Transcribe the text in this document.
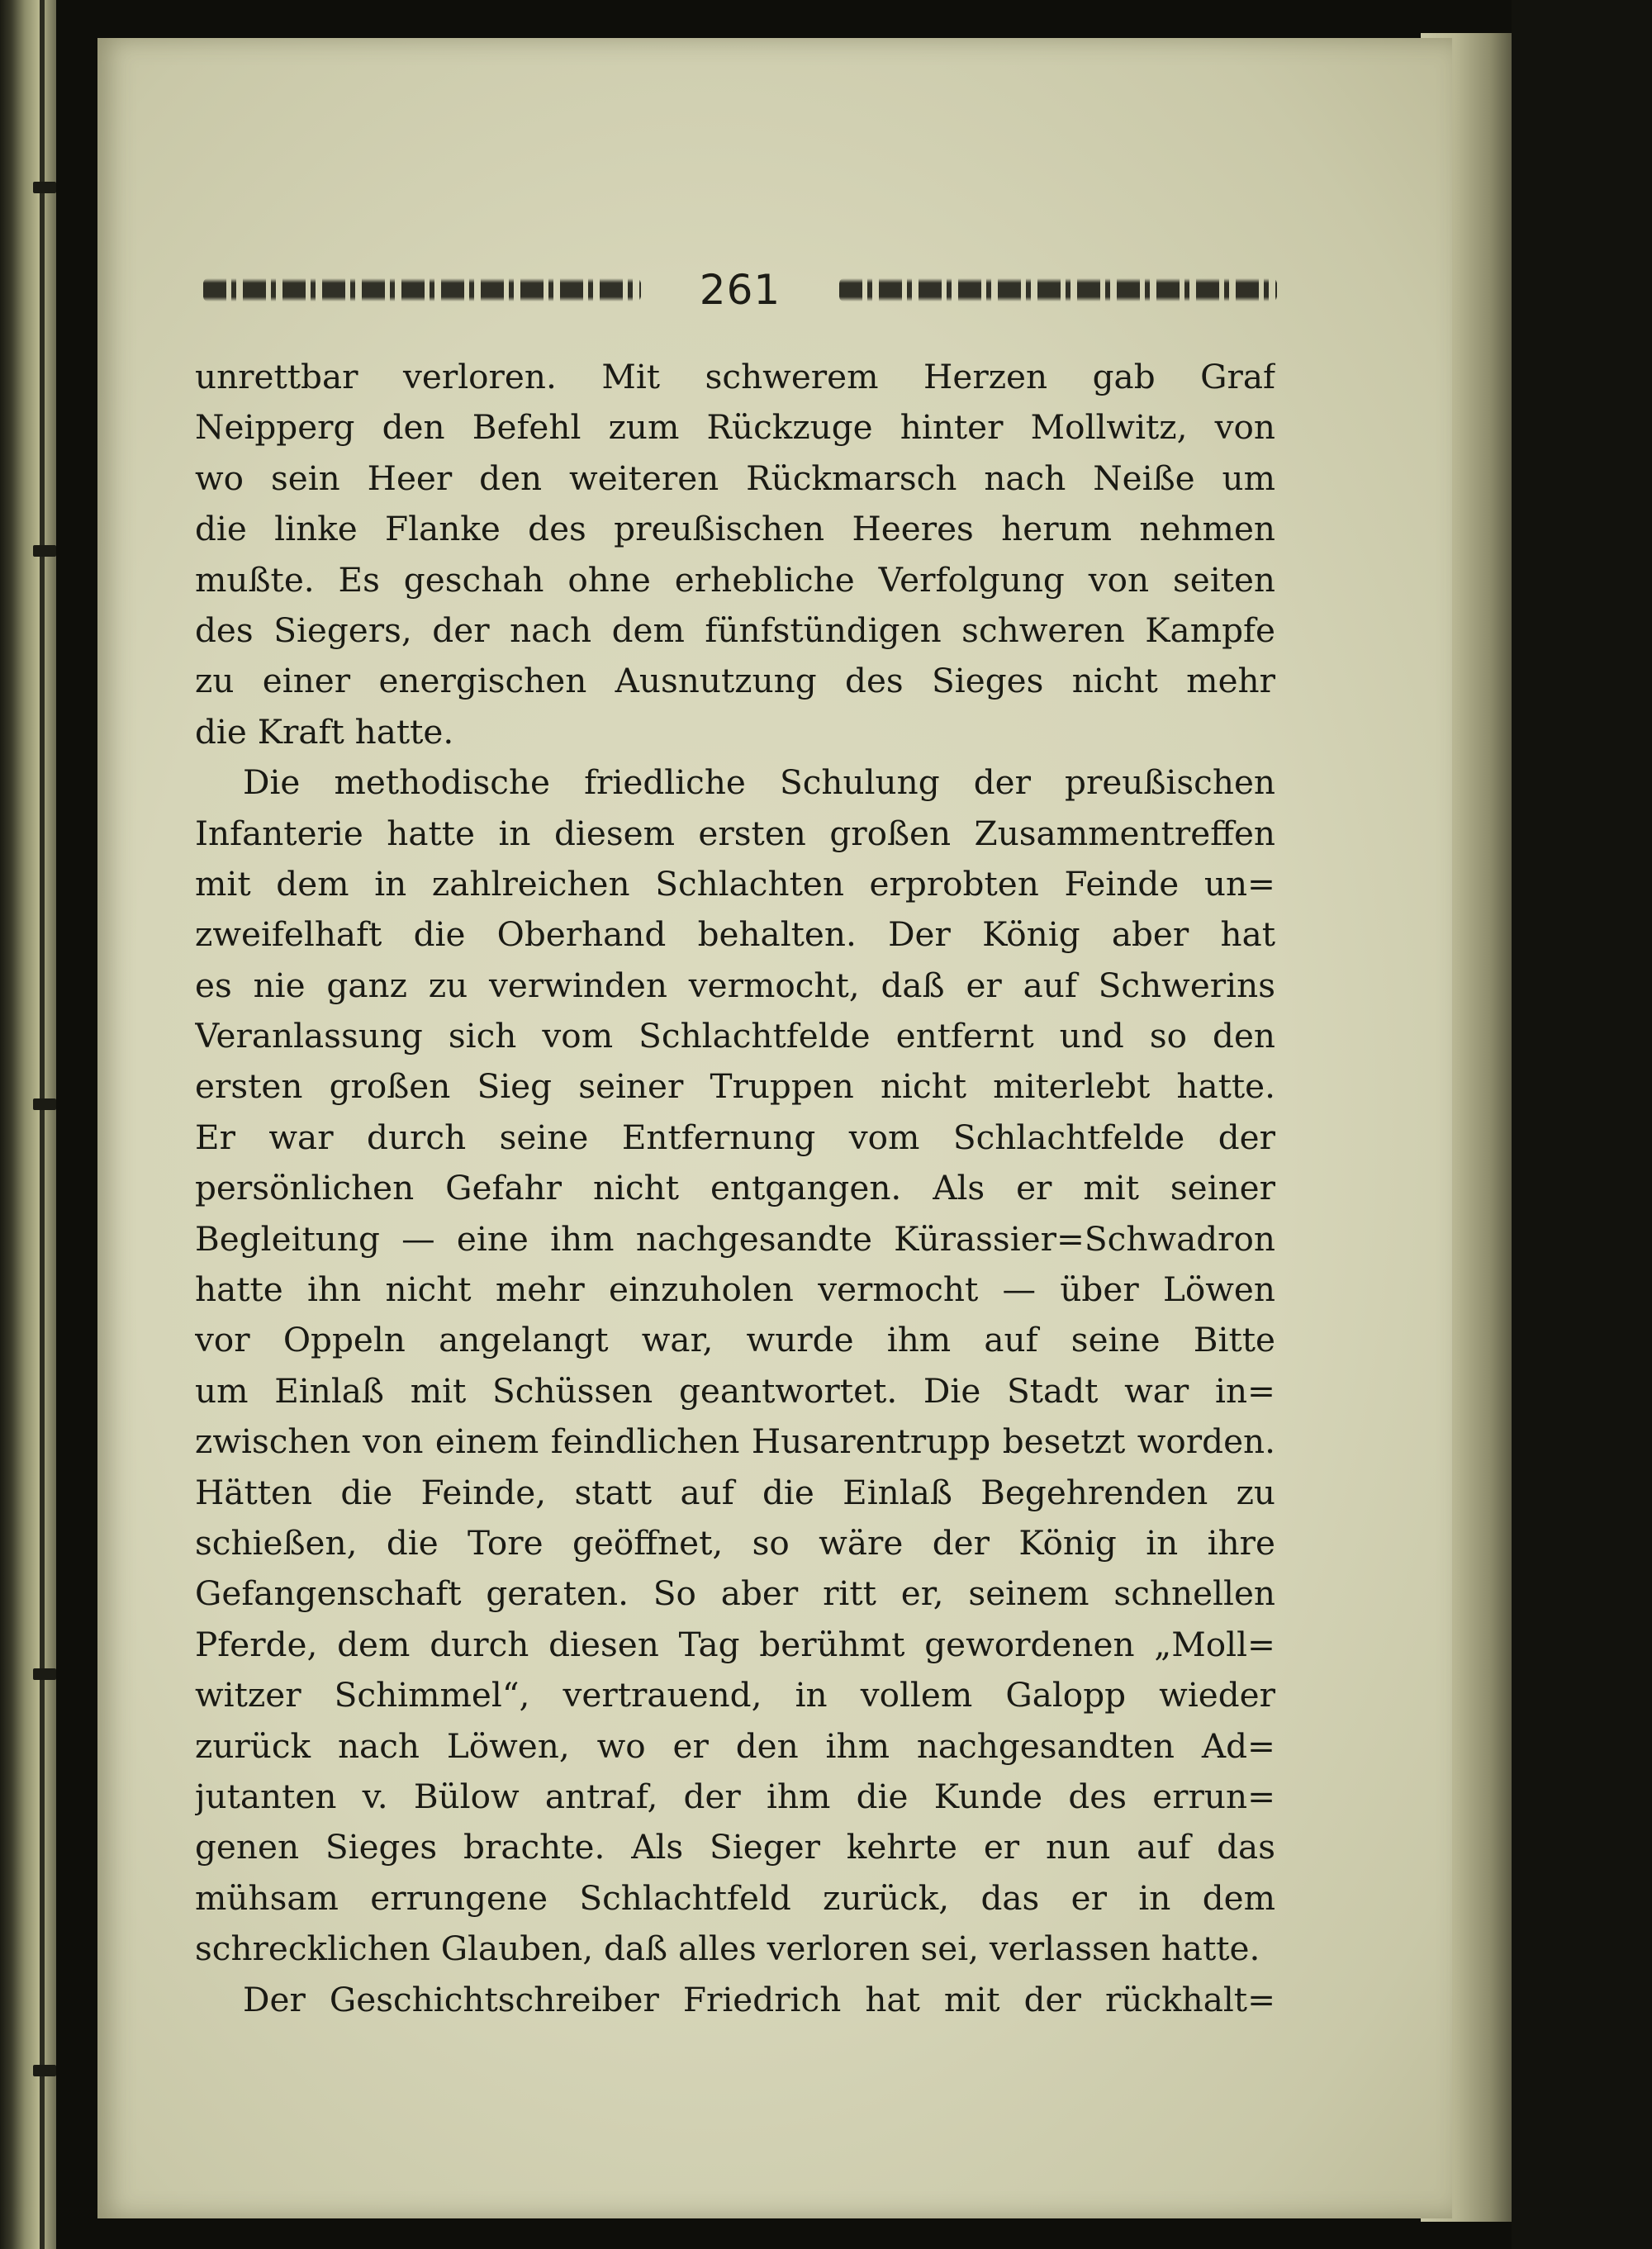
261
unrettbar verloren. Mit schwerem Herzen gab Graf
Neipperg den Befehl zum Rückzuge hinter Mollwitz, von
wo sein Heer den weiteren Rückmarsch nach Neiße um
die linke Flanke des preußischen Heeres herum nehmen
mußte. Es geschah ohne erhebliche Verfolgung von seiten
des Siegers, der nach dem fünfstündigen schweren Kampfe
zu einer energischen Ausnutzung des Sieges nicht mehr
die Kraft hatte.
Die methodische friedliche Schulung der preußischen
Infanterie hatte in diesem ersten großen Zusammentreffen
mit dem in zahlreichen Schlachten erprobten Feinde un=
zweifelhaft die Oberhand behalten. Der König aber hat
es nie ganz zu verwinden vermocht, daß er auf Schwerins
Veranlassung sich vom Schlachtfelde entfernt und so den
ersten großen Sieg seiner Truppen nicht miterlebt hatte.
Er war durch seine Entfernung vom Schlachtfelde der
persönlichen Gefahr nicht entgangen. Als er mit seiner
Begleitung — eine ihm nachgesandte Kürassier=Schwadron
hatte ihn nicht mehr einzuholen vermocht — über Löwen
vor Oppeln angelangt war, wurde ihm auf seine Bitte
um Einlaß mit Schüssen geantwortet. Die Stadt war in=
zwischen von einem feindlichen Husarentrupp besetzt worden.
Hätten die Feinde, statt auf die Einlaß Begehrenden zu
schießen, die Tore geöffnet, so wäre der König in ihre
Gefangenschaft geraten. So aber ritt er, seinem schnellen
Pferde, dem durch diesen Tag berühmt gewordenen „Moll=
witzer Schimmel“, vertrauend, in vollem Galopp wieder
zurück nach Löwen, wo er den ihm nachgesandten Ad=
jutanten v. Bülow antraf, der ihm die Kunde des errun=
genen Sieges brachte. Als Sieger kehrte er nun auf das
mühsam errungene Schlachtfeld zurück, das er in dem
schrecklichen Glauben, daß alles verloren sei, verlassen hatte.
Der Geschichtschreiber Friedrich hat mit der rückhalt=
